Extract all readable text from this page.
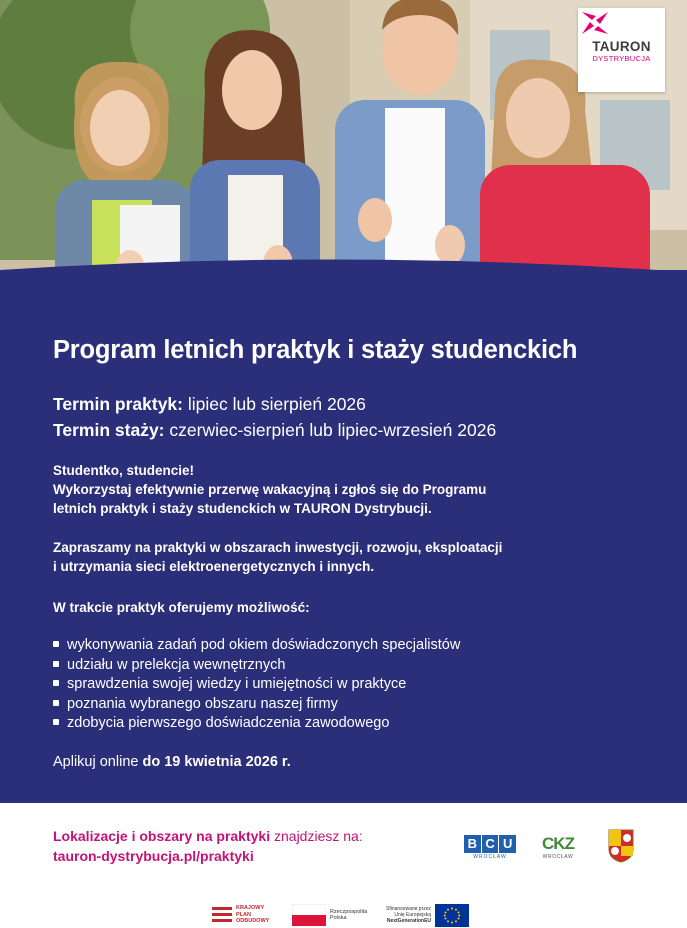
TAURON
DYSTRYBUCJA
Program letnich praktyk i staży studenckich
Termin praktyk: lipiec lub sierpień 2026
Termin staży: czerwiec-sierpień lub lipiec-wrzesień 2026
Studentko, studencie!
Wykorzystaj efektywnie przerwę wakacyjną i zgłoś się do Programu
letnich praktyk i staży studenckich w TAURON Dystrybucji.
Zapraszamy na praktyki w obszarach inwestycji, rozwoju, eksploatacji
i utrzymania sieci elektroenergetycznych i innych.
W trakcie praktyk oferujemy możliwość:
wykonywania zadań pod okiem doświadczonych specjalistów
udziału w prelekcja wewnętrznych
sprawdzenia swojej wiedzy i umiejętności w praktyce
poznania wybranego obszaru naszej firmy
zdobycia pierwszego doświadczenia zawodowego
Aplikuj online do 19 kwietnia 2026 r.
Lokalizacje i obszary na praktyki znajdziesz na:
tauron-dystrybucja.pl/praktyki
B C U
WROCŁAW
CKZ
WROCŁAW
KRAJOWY
PLAN
ODBUDOWY
Rzeczpospolita
Polska
Sfinansowane przez
Unię Europejską
NextGenerationEU
